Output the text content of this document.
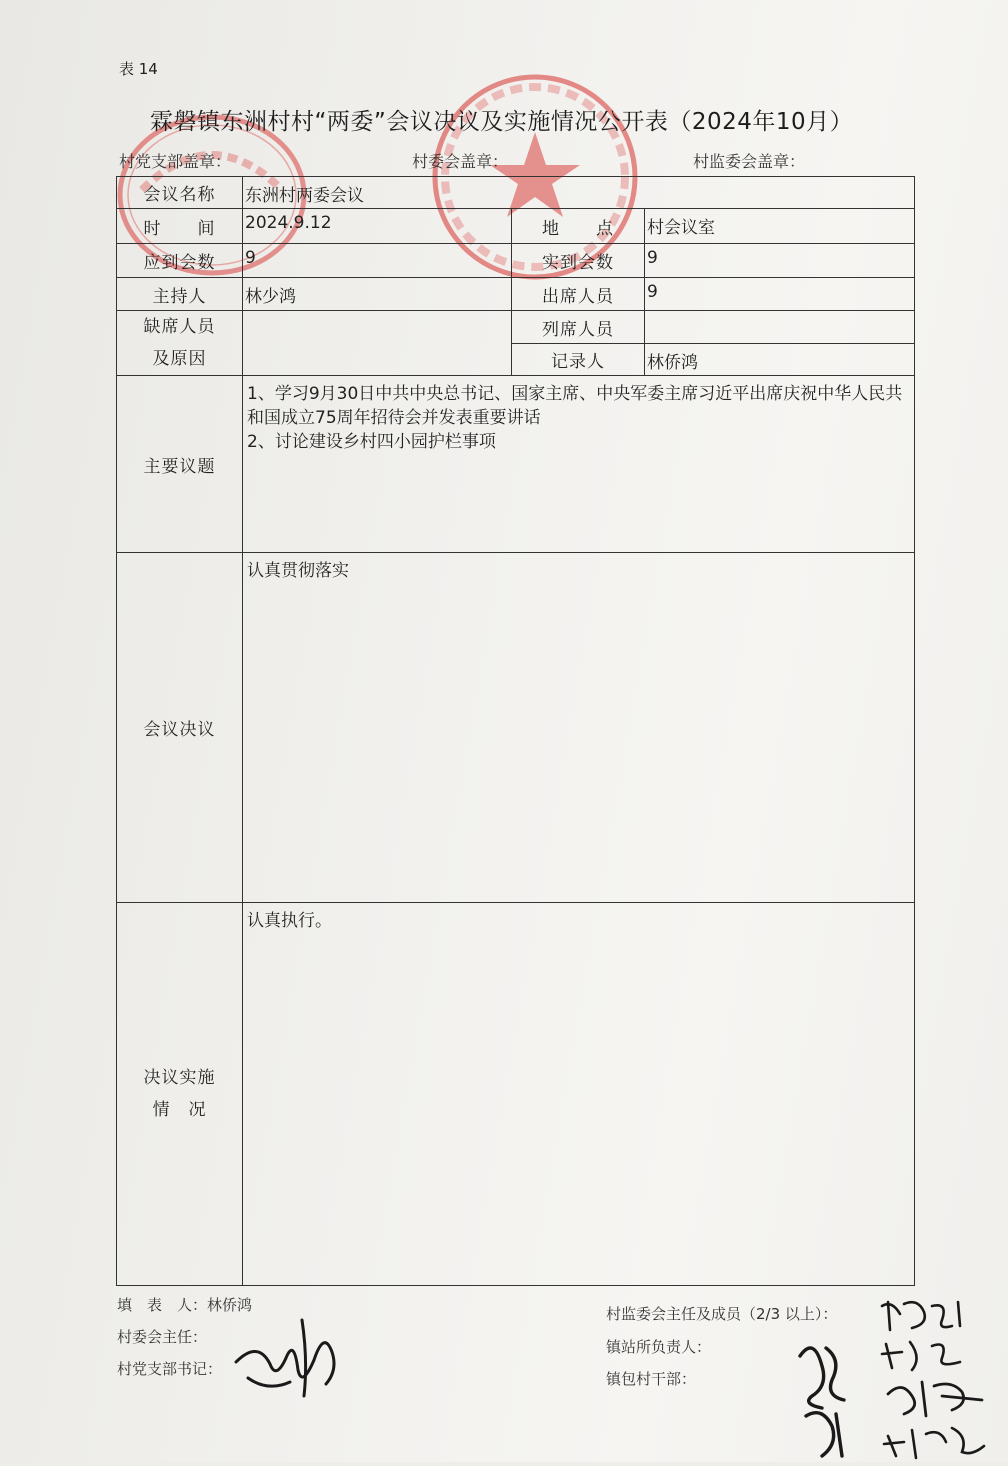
表 14
霖磐镇东洲村村“两委”会议决议及实施情况公开表（2024年10月）
村党支部盖章：	村委会盖章：	村监委会盖章：
会议名称	东洲村两委会议		
时　　间	2024.9.12	地　　点	村会议室
应到会数	9	实到会数	9
主持人	林少鸿	出席人员	9

缺席人员
及原因		列席人员	
		记录人	林侨鸿
主要议题	1、学习9月30日中共中央总书记、国家主席、中央军委主席习近平出席庆祝中华人民共和国成立75周年招待会并发表重要讲话
2、讨论建设乡村四小园护栏事项		

会议决议	认真贯彻落实		

决议实施
情　况	认真执行。		
填　表　人：林侨鸿
村委会主任：
村党支部书记：
村监委会主任及成员（2/3 以上）：
镇站所负责人：
镇包村干部：
